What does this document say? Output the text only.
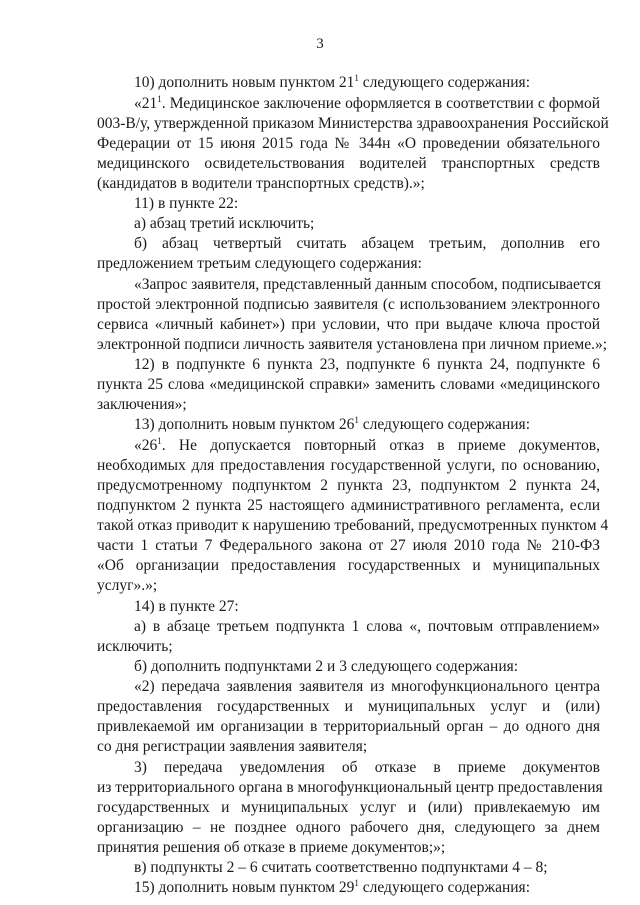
3
10) дополнить новым пунктом $21^1$ следующего содержания:
«$21^1$. Медицинское заключение оформляется в соответствии с формой
003-В/у, утвержденной приказом Министерства здравоохранения Российской
Федерации от 15 июня 2015 года № 344н «О проведении обязательного
медицинского освидетельствования водителей транспортных средств
(кандидатов в водители транспортных средств).»;
11) в пункте 22:
а) абзац третий исключить;
б) абзац четвертый считать абзацем третьим, дополнив его
предложением третьим следующего содержания:
«Запрос заявителя, представленный данным способом, подписывается
простой электронной подписью заявителя (с использованием электронного
сервиса «личный кабинет») при условии, что при выдаче ключа простой
электронной подписи личность заявителя установлена при личном приеме.»;
12) в подпункте 6 пункта 23, подпункте 6 пункта 24, подпункте 6
пункта 25 слова «медицинской справки» заменить словами «медицинского
заключения»;
13) дополнить новым пунктом $26^1$ следующего содержания:
«$26^1$. Не допускается повторный отказ в приеме документов,
необходимых для предоставления государственной услуги, по основанию,
предусмотренному подпунктом 2 пункта 23, подпунктом 2 пункта 24,
подпунктом 2 пункта 25 настоящего административного регламента, если
такой отказ приводит к нарушению требований, предусмотренных пунктом 4
части 1 статьи 7 Федерального закона от 27 июля 2010 года № 210-ФЗ
«Об организации предоставления государственных и муниципальных
услуг».»;
14) в пункте 27:
а) в абзаце третьем подпункта 1 слова «, почтовым отправлением»
исключить;
б) дополнить подпунктами 2 и 3 следующего содержания:
«2) передача заявления заявителя из многофункционального центра
предоставления государственных и муниципальных услуг и (или)
привлекаемой им организации в территориальный орган – до одного дня
со дня регистрации заявления заявителя;
3) передача уведомления об отказе в приеме документов
из территориального органа в многофункциональный центр предоставления
государственных и муниципальных услуг и (или) привлекаемую им
организацию – не позднее одного рабочего дня, следующего за днем
принятия решения об отказе в приеме документов;»;
в) подпункты 2 – 6 считать соответственно подпунктами 4 – 8;
15) дополнить новым пунктом $29^1$ следующего содержания:
